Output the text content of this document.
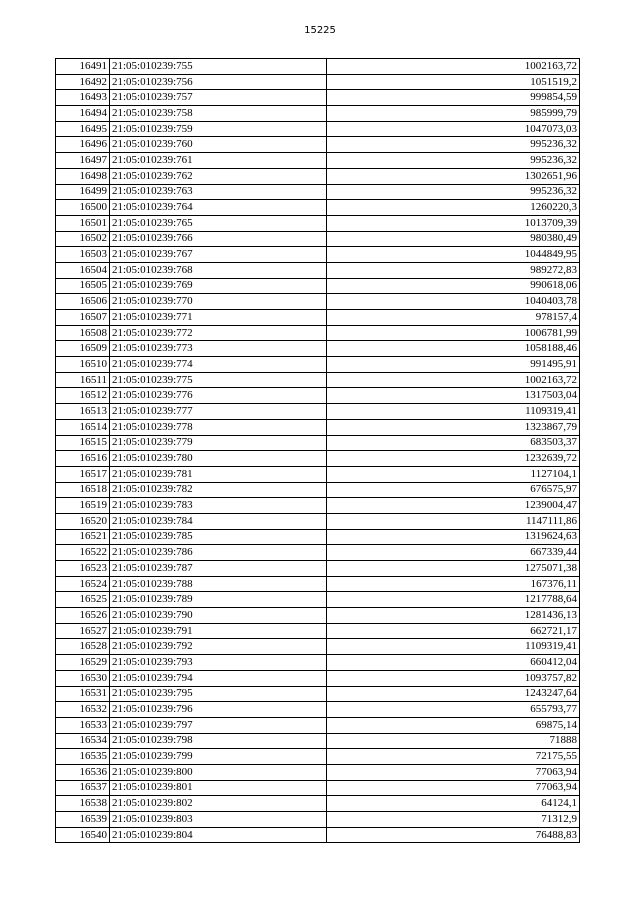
15225
16491	21:05:010239:755	1002163,72
16492	21:05:010239:756	1051519,2
16493	21:05:010239:757	999854,59
16494	21:05:010239:758	985999,79
16495	21:05:010239:759	1047073,03
16496	21:05:010239:760	995236,32
16497	21:05:010239:761	995236,32
16498	21:05:010239:762	1302651,96
16499	21:05:010239:763	995236,32
16500	21:05:010239:764	1260220,3
16501	21:05:010239:765	1013709,39
16502	21:05:010239:766	980380,49
16503	21:05:010239:767	1044849,95
16504	21:05:010239:768	989272,83
16505	21:05:010239:769	990618,06
16506	21:05:010239:770	1040403,78
16507	21:05:010239:771	978157,4
16508	21:05:010239:772	1006781,99
16509	21:05:010239:773	1058188,46
16510	21:05:010239:774	991495,91
16511	21:05:010239:775	1002163,72
16512	21:05:010239:776	1317503,04
16513	21:05:010239:777	1109319,41
16514	21:05:010239:778	1323867,79
16515	21:05:010239:779	683503,37
16516	21:05:010239:780	1232639,72
16517	21:05:010239:781	1127104,1
16518	21:05:010239:782	676575,97
16519	21:05:010239:783	1239004,47
16520	21:05:010239:784	1147111,86
16521	21:05:010239:785	1319624,63
16522	21:05:010239:786	667339,44
16523	21:05:010239:787	1275071,38
16524	21:05:010239:788	167376,11
16525	21:05:010239:789	1217788,64
16526	21:05:010239:790	1281436,13
16527	21:05:010239:791	662721,17
16528	21:05:010239:792	1109319,41
16529	21:05:010239:793	660412,04
16530	21:05:010239:794	1093757,82
16531	21:05:010239:795	1243247,64
16532	21:05:010239:796	655793,77
16533	21:05:010239:797	69875,14
16534	21:05:010239:798	71888
16535	21:05:010239:799	72175,55
16536	21:05:010239:800	77063,94
16537	21:05:010239:801	77063,94
16538	21:05:010239:802	64124,1
16539	21:05:010239:803	71312,9
16540	21:05:010239:804	76488,83
